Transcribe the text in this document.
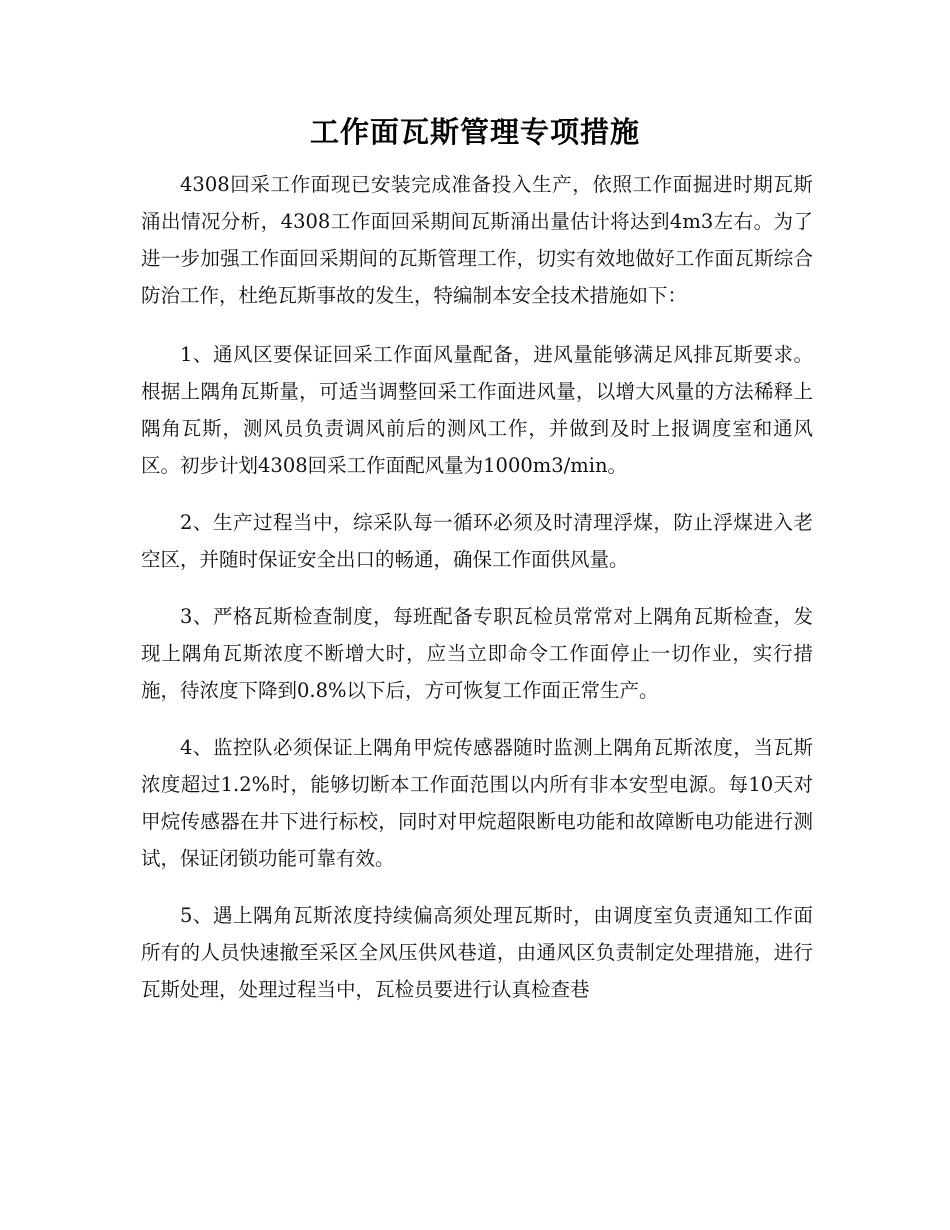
工作面瓦斯管理专项措施

4308回采工作面现已安装完成准备投入生产，依照工作面掘进时期瓦斯涌出情况分析，4308工作面回采期间瓦斯涌出量估计将达到4m3左右。为了进一步加强工作面回采期间的瓦斯管理工作，切实有效地做好工作面瓦斯综合防治工作，杜绝瓦斯事故的发生，特编制本安全技术措施如下：

1、通风区要保证回采工作面风量配备，进风量能够满足风排瓦斯要求。根据上隅角瓦斯量，可适当调整回采工作面进风量，以增大风量的方法稀释上隅角瓦斯，测风员负责调风前后的测风工作，并做到及时上报调度室和通风区。初步计划4308回采工作面配风量为1000m3/min。

2、生产过程当中，综采队每一循环必须及时清理浮煤，防止浮煤进入老空区，并随时保证安全出口的畅通，确保工作面供风量。

3、严格瓦斯检查制度，每班配备专职瓦检员常常对上隅角瓦斯检查，发现上隅角瓦斯浓度不断增大时，应当立即命令工作面停止一切作业，实行措施，待浓度下降到0.8%以下后，方可恢复工作面正常生产。

4、监控队必须保证上隅角甲烷传感器随时监测上隅角瓦斯浓度，当瓦斯浓度超过1.2%时，能够切断本工作面范围以内所有非本安型电源。每10天对甲烷传感器在井下进行标校，同时对甲烷超限断电功能和故障断电功能进行测试，保证闭锁功能可靠有效。

5、遇上隅角瓦斯浓度持续偏高须处理瓦斯时，由调度室负责通知工作面所有的人员快速撤至采区全风压供风巷道，由通风区负责制定处理措施，进行瓦斯处理，处理过程当中，瓦检员要进行认真检查巷
